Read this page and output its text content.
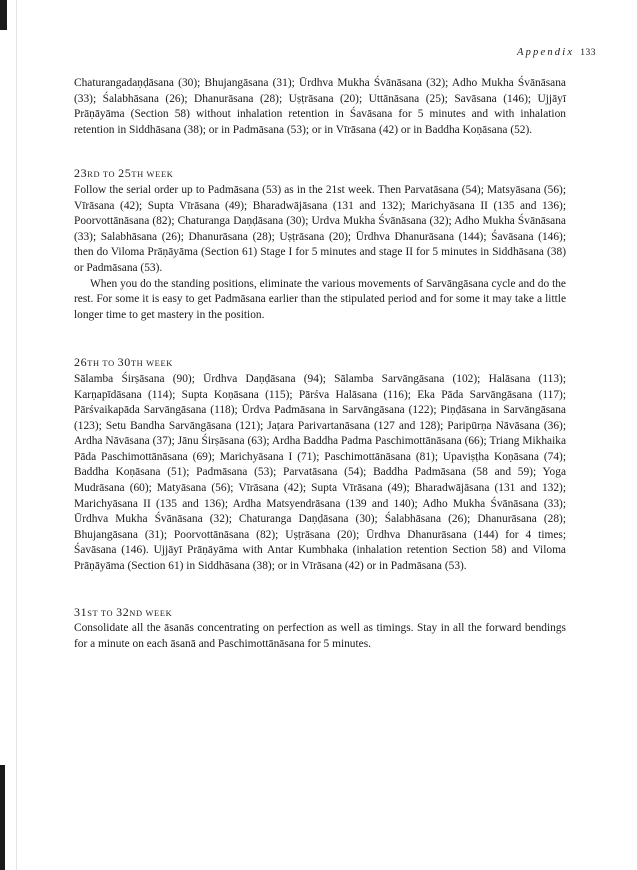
Appendix 133

Chaturangadaṇḍāsana (30); Bhujangāsana (31); Ūrdhva Mukha Śvānāsana (32); Adho Mukha Śvānāsana (33); Śalabhāsana (26); Dhanurāsana (28); Uṣṭrāsana (20); Uttānāsana (25); Savāsana (146); Ujjāyī Prāṇāyāma (Section 58) without inhalation retention in Śavāsana for 5 minutes and with inhalation retention in Siddhāsana (38); or in Padmāsana (53); or in Vīrāsana (42) or in Baddha Koṇāsana (52).

23RD TO 25TH WEEK

Follow the serial order up to Padmāsana (53) as in the 21st week. Then Parvatāsana (54); Matsyāsana (56); Vīrāsana (42); Supta Vīrāsana (49); Bharadwājāsana (131 and 132); Marichyāsana II (135 and 136); Poorvottānāsana (82); Chaturanga Daṇḍāsana (30); Urdva Mukha Śvānāsana (32); Adho Mukha Śvānāsana (33); Salabhāsana (26); Dhanurāsana (28); Uṣṭrāsana (20); Ūrdhva Dhanurāsana (144); Śavāsana (146); then do Viloma Prāṇāyāma (Section 61) Stage I for 5 minutes and stage II for 5 minutes in Siddhāsana (38) or Padmāsana (53).

When you do the standing positions, eliminate the various movements of Sarvāngāsana cycle and do the rest. For some it is easy to get Padmāsana earlier than the stipulated period and for some it may take a little longer time to get mastery in the position.

26TH TO 30TH WEEK

Sālamba Śirṣāsana (90); Ūrdhva Daṇḍāsana (94); Sālamba Sarvāngāsana (102); Halāsana (113); Karṇapīdāsana (114); Supta Koṇāsana (115); Pārśva Halāsana (116); Eka Pāda Sarvāngāsana (117); Pārśvaikapāda Sarvāngāsana (118); Ūrdva Padmāsana in Sarvāngāsana (122); Piṇḍāsana in Sarvāngāsana (123); Setu Bandha Sarvāngāsana (121); Jaṭara Parivartanāsana (127 and 128); Paripūrṇa Nāvāsana (36); Ardha Nāvāsana (37); Jānu Śirṣāsana (63); Ardha Baddha Padma Paschimottānāsana (66); Triang Mikhaika Pāda Paschimottānāsana (69); Marichyāsana I (71); Paschimottānāsana (81); Upaviṣṭha Koṇāsana (74); Baddha Koṇāsana (51); Padmāsana (53); Parvatāsana (54); Baddha Padmāsana (58 and 59); Yoga Mudrāsana (60); Matyāsana (56); Vīrāsana (42); Supta Vīrāsana (49); Bharadwājāsana (131 and 132); Marichyāsana II (135 and 136); Ardha Matsyendrāsana (139 and 140); Adho Mukha Śvānāsana (33); Ūrdhva Mukha Śvānāsana (32); Chaturanga Daṇḍāsana (30); Śalabhāsana (26); Dhanurāsana (28); Bhujangāsana (31); Poorvottānāsana (82); Uṣṭrāsana (20); Ūrdhva Dhanurāsana (144) for 4 times; Śavāsana (146). Ujjāyī Prāṇāyāma with Antar Kumbhaka (inhalation retention Section 58) and Viloma Prāṇāyāma (Section 61) in Siddhāsana (38); or in Vīrāsana (42) or in Padmāsana (53).

31ST TO 32ND WEEK

Consolidate all the āsanās concentrating on perfection as well as timings. Stay in all the forward bendings for a minute on each āsanā and Paschimottānāsana for 5 minutes.
